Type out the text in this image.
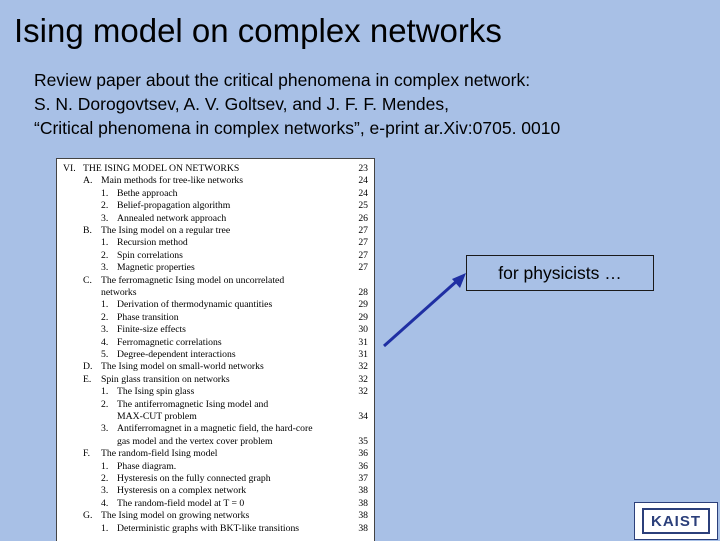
Ising model on complex networks
Review paper about the critical phenomena in complex network:
S. N. Dorogovtsev, A. V. Goltsev, and J. F. F. Mendes,
“Critical phenomena in complex networks”, e-print ar.Xiv:0705. 0010
VI. THE ISING MODEL ON NETWORKS	23
A. Main methods for tree-like networks	24
1. Bethe approach	24
2. Belief-propagation algorithm	25
3. Annealed network approach	26
B. The Ising model on a regular tree	27
1. Recursion method	27
2. Spin correlations	27
3. Magnetic properties	27
C. The ferromagnetic Ising model on uncorrelated
networks	28
1. Derivation of thermodynamic quantities	29
2. Phase transition	29
3. Finite-size effects	30
4. Ferromagnetic correlations	31
5. Degree-dependent interactions	31
D. The Ising model on small-world networks	32
E. Spin glass transition on networks	32
1. The Ising spin glass	32
2. The antiferromagnetic Ising model and
MAX-CUT problem	34
3. Antiferromagnet in a magnetic field, the hard-core
gas model and the vertex cover problem	35
F. The random-field Ising model	36
1. Phase diagram.	36
2. Hysteresis on the fully connected graph	37
3. Hysteresis on a complex network	38
4. The random-field model at T = 0	38
G. The Ising model on growing networks	38
1. Deterministic graphs with BKT-like transitions	38
for physicists …
KAIST
